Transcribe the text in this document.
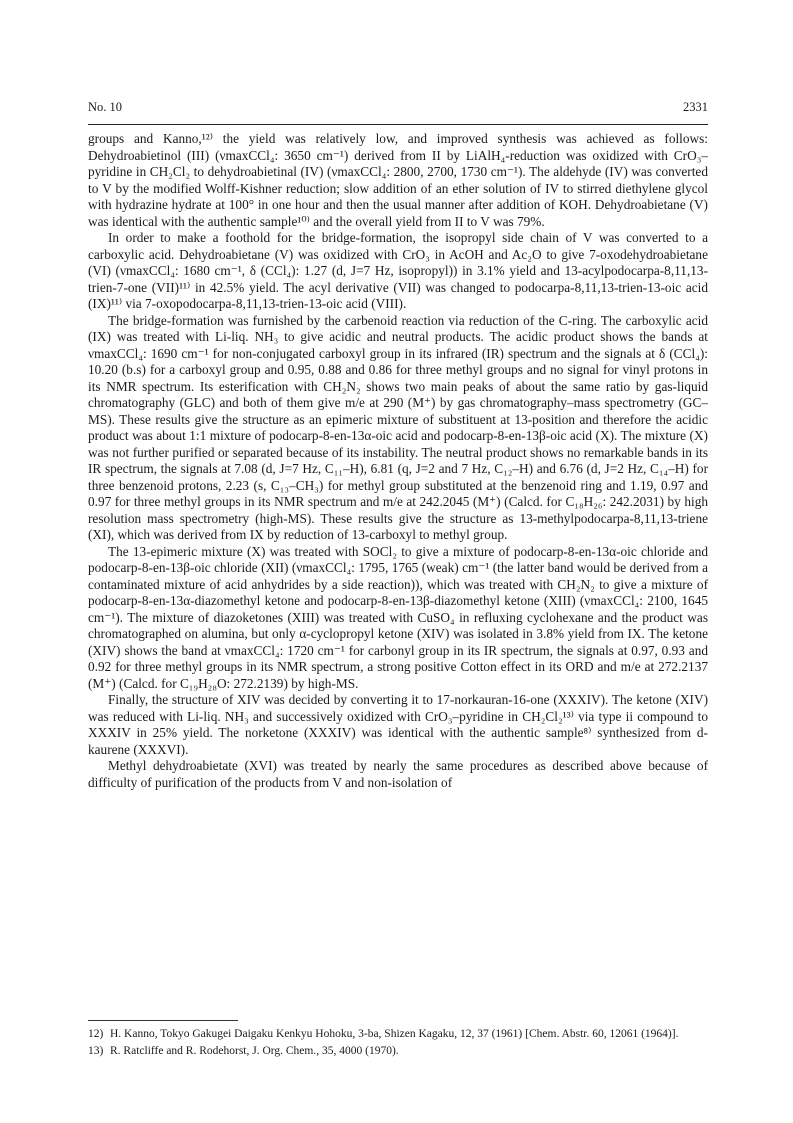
No. 10	2331

groups and Kanno,¹²⁾ the yield was relatively low, and improved synthesis was achieved as follows: Dehydroabietinol (III) (νmaxCCl₄: 3650 cm⁻¹) derived from II by LiAlH₄-reduction was oxidized with CrO₃–pyridine in CH₂Cl₂ to dehydroabietinal (IV) (νmaxCCl₄: 2800, 2700, 1730 cm⁻¹). The aldehyde (IV) was converted to V by the modified Wolff-Kishner reduction; slow addition of an ether solution of IV to stirred diethylene glycol with hydrazine hydrate at 100° in one hour and then the usual manner after addition of KOH. Dehydroabietane (V) was identical with the authentic sample¹⁰⁾ and the overall yield from II to V was 79%.

In order to make a foothold for the bridge-formation, the isopropyl side chain of V was converted to a carboxylic acid. Dehydroabietane (V) was oxidized with CrO₃ in AcOH and Ac₂O to give 7-oxodehydroabietane (VI) (νmaxCCl₄: 1680 cm⁻¹, δ (CCl₄): 1.27 (d, J=7 Hz, isopropyl)) in 3.1% yield and 13-acylpodocarpa-8,11,13-trien-7-one (VII)¹¹⁾ in 42.5% yield. The acyl derivative (VII) was changed to podocarpa-8,11,13-trien-13-oic acid (IX)¹¹⁾ via 7-oxopodocarpa-8,11,13-trien-13-oic acid (VIII).

The bridge-formation was furnished by the carbenoid reaction via reduction of the C-ring. The carboxylic acid (IX) was treated with Li-liq. NH₃ to give acidic and neutral products. The acidic product shows the bands at νmaxCCl₄: 1690 cm⁻¹ for non-conjugated carboxyl group in its infrared (IR) spectrum and the signals at δ (CCl₄): 10.20 (b.s) for a carboxyl group and 0.95, 0.88 and 0.86 for three methyl groups and no signal for vinyl protons in its NMR spectrum. Its esterification with CH₂N₂ shows two main peaks of about the same ratio by gas-liquid chromatography (GLC) and both of them give m/e at 290 (M⁺) by gas chromatography–mass spectrometry (GC–MS). These results give the structure as an epimeric mixture of substituent at 13-position and therefore the acidic product was about 1:1 mixture of podocarp-8-en-13α-oic acid and podocarp-8-en-13β-oic acid (X). The mixture (X) was not further purified or separated because of its instability. The neutral product shows no remarkable bands in its IR spectrum, the signals at 7.08 (d, J=7 Hz, C₁₁–H), 6.81 (q, J=2 and 7 Hz, C₁₂–H) and 6.76 (d, J=2 Hz, C₁₄–H) for three benzenoid protons, 2.23 (s, C₁₃–CH₃) for methyl group substituted at the benzenoid ring and 1.19, 0.97 and 0.97 for three methyl groups in its NMR spectrum and m/e at 242.2045 (M⁺) (Calcd. for C₁₈H₂₆: 242.2031) by high resolution mass spectrometry (high-MS). These results give the structure as 13-methylpodocarpa-8,11,13-triene (XI), which was derived from IX by reduction of 13-carboxyl to methyl group.

The 13-epimeric mixture (X) was treated with SOCl₂ to give a mixture of podocarp-8-en-13α-oic chloride and podocarp-8-en-13β-oic chloride (XII) (νmaxCCl₄: 1795, 1765 (weak) cm⁻¹ (the latter band would be derived from a contaminated mixture of acid anhydrides by a side reaction)), which was treated with CH₂N₂ to give a mixture of podocarp-8-en-13α-diazomethyl ketone and podocarp-8-en-13β-diazomethyl ketone (XIII) (νmaxCCl₄: 2100, 1645 cm⁻¹). The mixture of diazoketones (XIII) was treated with CuSO₄ in refluxing cyclohexane and the product was chromatographed on alumina, but only α-cyclopropyl ketone (XIV) was isolated in 3.8% yield from IX. The ketone (XIV) shows the band at νmaxCCl₄: 1720 cm⁻¹ for carbonyl group in its IR spectrum, the signals at 0.97, 0.93 and 0.92 for three methyl groups in its NMR spectrum, a strong positive Cotton effect in its ORD and m/e at 272.2137 (M⁺) (Calcd. for C₁₉H₂₈O: 272.2139) by high-MS.

Finally, the structure of XIV was decided by converting it to 17-norkauran-16-one (XXXIV). The ketone (XIV) was reduced with Li-liq. NH₃ and successively oxidized with CrO₃–pyridine in CH₂Cl₂¹³⁾ via type ii compound to XXXIV in 25% yield. The norketone (XXXIV) was identical with the authentic sample⁸⁾ synthesized from d-kaurene (XXXVI).

Methyl dehydroabietate (XVI) was treated by nearly the same procedures as described above because of difficulty of purification of the products from V and non-isolation of

12) H. Kanno, Tokyo Gakugei Daigaku Kenkyu Hohoku, 3-ba, Shizen Kagaku, 12, 37 (1961) [Chem. Abstr. 60, 12061 (1964)].
13) R. Ratcliffe and R. Rodehorst, J. Org. Chem., 35, 4000 (1970).
